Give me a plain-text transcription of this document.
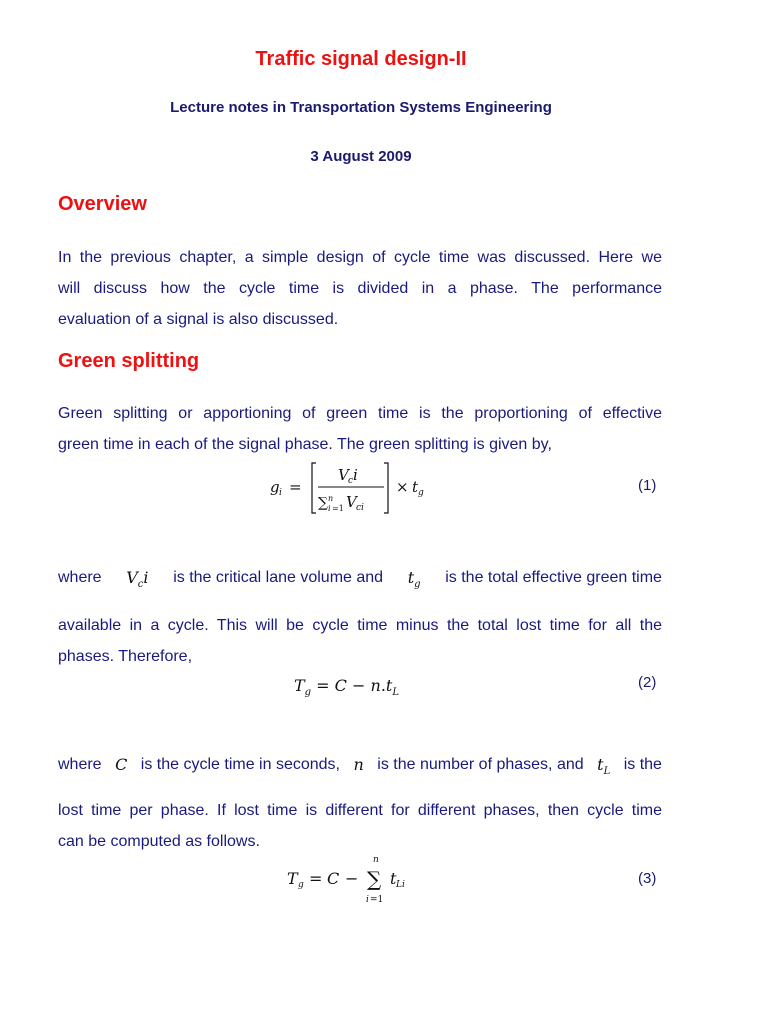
Traffic signal design-II
Lecture notes in Transportation Systems Engineering
3 August 2009
Overview

In the previous chapter, a simple design of cycle time was discussed. Here we

will discuss how the cycle time is divided in a phase. The performance

evaluation of a signal is also discussed.

Green splitting

Green splitting or apportioning of green time is the proportioning of effective

green time in each of the signal phase. The green splitting is given by,

g i =
V c i
∑ n
i =1 V ci
× t g	(1)

where $V_ci$ is the critical lane volume and $t_g$ is the total effective green time

available in a cycle. This will be cycle time minus the total lost time for all the

phases. Therefore,

$T_g = C - n.t_L$
(2)

where C is the cycle time in seconds, n is the number of phases, and $t_L$ is the

lost time per phase. If lost time is different for different phases, then cycle time

can be computed as follows.

T g = C −
n
∑
i =1
t Li	(3)
